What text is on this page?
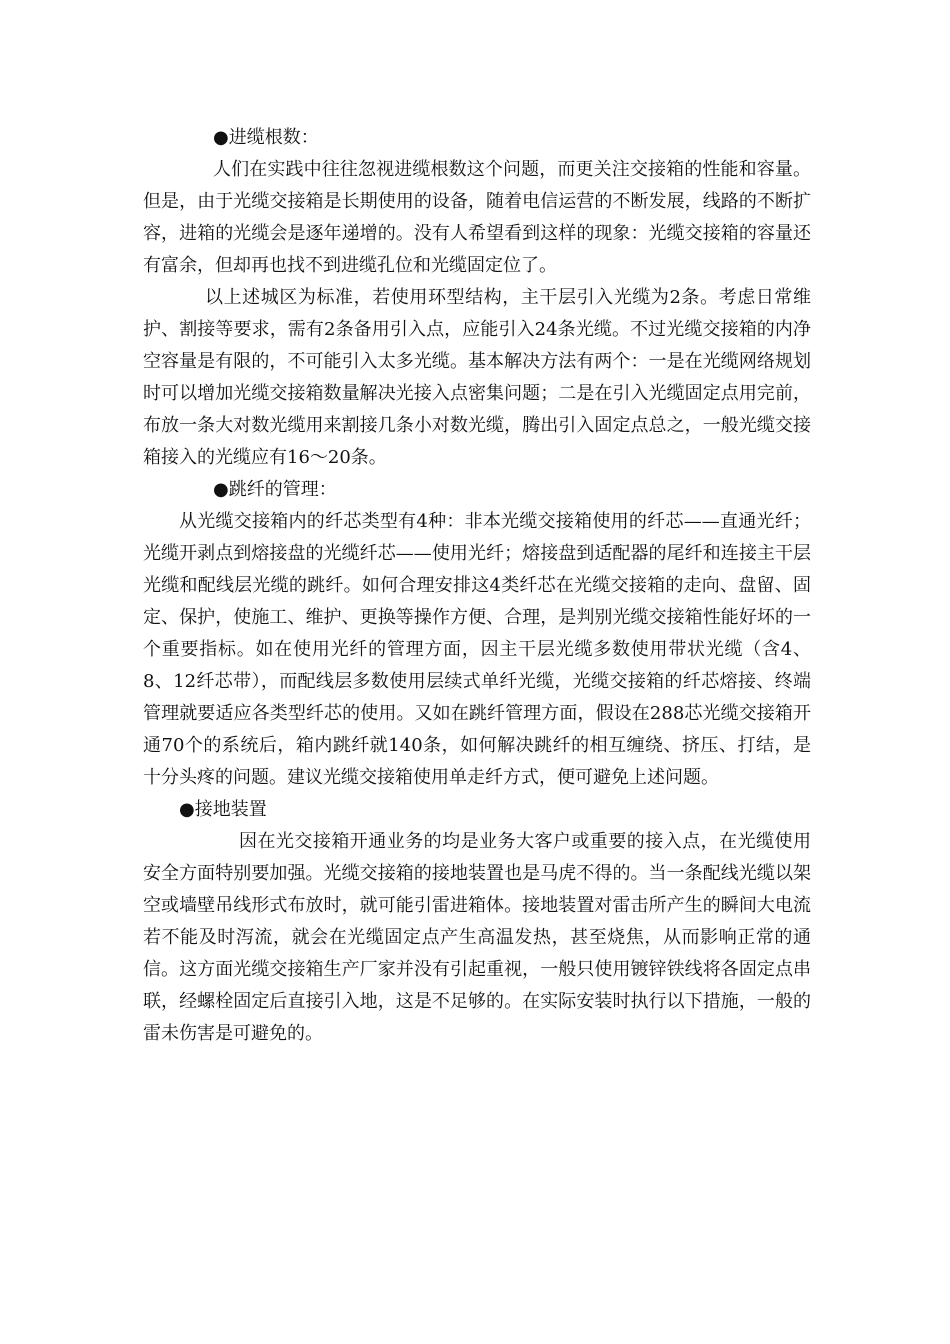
●进缆根数：

人们在实践中往往忽视进缆根数这个问题，而更关注交接箱的性能和容量。但是，由于光缆交接箱是长期使用的设备，随着电信运营的不断发展，线路的不断扩容，进箱的光缆会是逐年递增的。没有人希望看到这样的现象：光缆交接箱的容量还有富余，但却再也找不到进缆孔位和光缆固定位了。

以上述城区为标准，若使用环型结构，主干层引入光缆为2条。考虑日常维护、割接等要求，需有2条备用引入点，应能引入24条光缆。不过光缆交接箱的内净空容量是有限的，不可能引入太多光缆。基本解决方法有两个：一是在光缆网络规划时可以增加光缆交接箱数量解决光接入点密集问题；二是在引入光缆固定点用完前，布放一条大对数光缆用来割接几条小对数光缆，腾出引入固定点总之，一般光缆交接箱接入的光缆应有16～20条。

●跳纤的管理：

从光缆交接箱内的纤芯类型有4种：非本光缆交接箱使用的纤芯——直通光纤；光缆开剥点到熔接盘的光缆纤芯——使用光纤；熔接盘到适配器的尾纤和连接主干层光缆和配线层光缆的跳纤。如何合理安排这4类纤芯在光缆交接箱的走向、盘留、固定、保护，使施工、维护、更换等操作方便、合理，是判别光缆交接箱性能好坏的一个重要指标。如在使用光纤的管理方面，因主干层光缆多数使用带状光缆（含4、8、12纤芯带），而配线层多数使用层续式单纤光缆，光缆交接箱的纤芯熔接、终端管理就要适应各类型纤芯的使用。又如在跳纤管理方面，假设在288芯光缆交接箱开通70个的系统后，箱内跳纤就140条，如何解决跳纤的相互缠绕、挤压、打结，是十分头疼的问题。建议光缆交接箱使用单走纤方式，便可避免上述问题。

●接地装置

因在光交接箱开通业务的均是业务大客户或重要的接入点，在光缆使用安全方面特别要加强。光缆交接箱的接地装置也是马虎不得的。当一条配线光缆以架空或墙壁吊线形式布放时，就可能引雷进箱体。接地装置对雷击所产生的瞬间大电流若不能及时泻流，就会在光缆固定点产生高温发热，甚至烧焦，从而影响正常的通信。这方面光缆交接箱生产厂家并没有引起重视，一般只使用镀锌铁线将各固定点串联，经螺栓固定后直接引入地，这是不足够的。在实际安装时执行以下措施，一般的雷未伤害是可避免的。
